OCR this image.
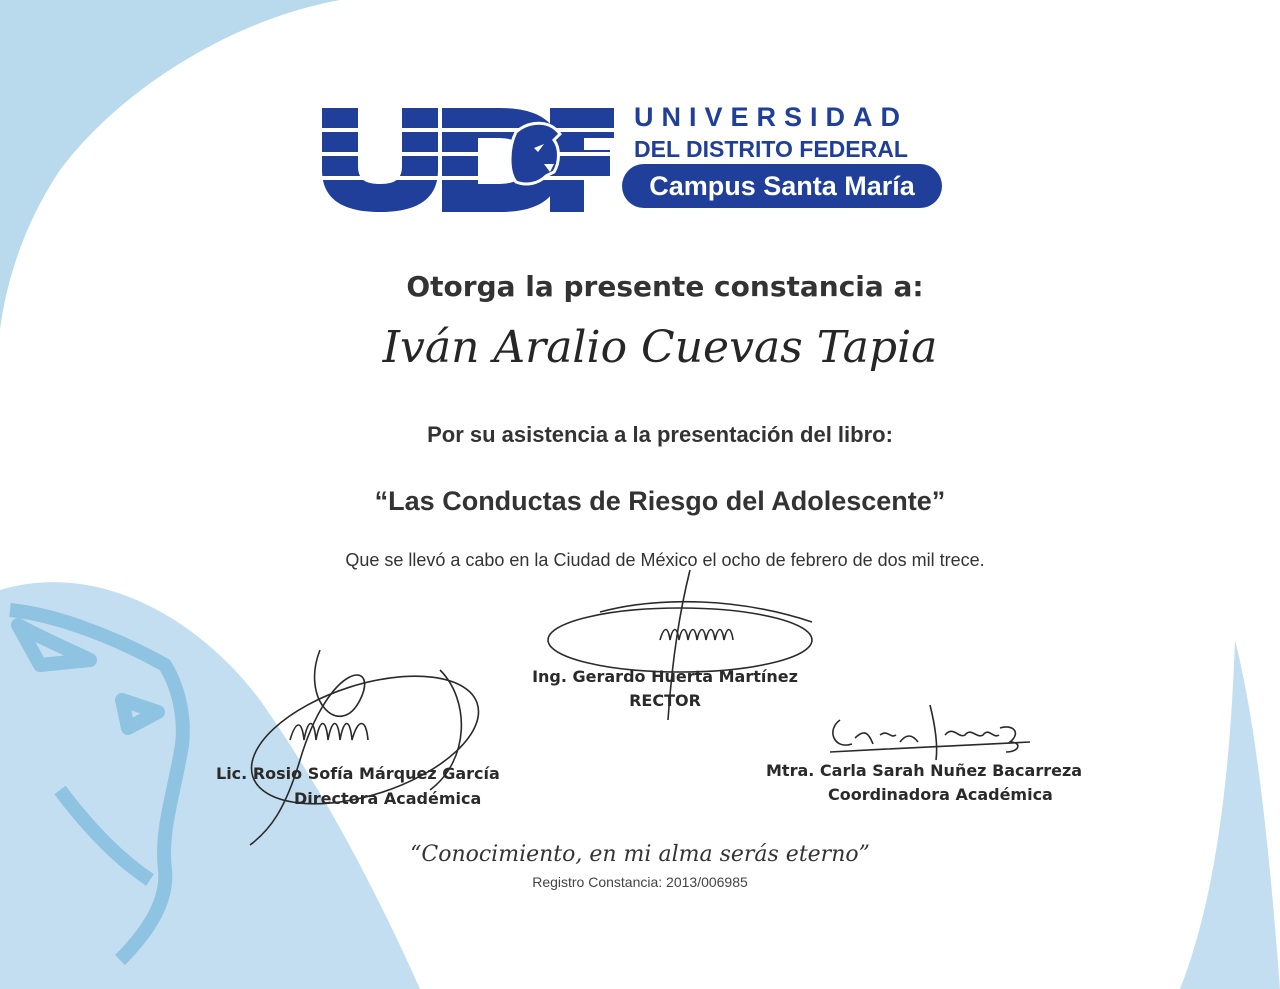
UNIVERSIDAD
DEL DISTRITO FEDERAL
Campus Santa María
Otorga la presente constancia a:
Iván Aralio Cuevas Tapia
Por su asistencia a la presentación del libro:
“Las Conductas de Riesgo del Adolescente”
Que se llevó a cabo en la Ciudad de México el ocho de febrero de dos mil trece.
Ing. Gerardo Huerta Martínez
RECTOR
Lic. Rosio Sofía Márquez García
Directora Académica
Mtra. Carla Sarah Nuñez Bacarreza
Coordinadora Académica
“Conocimiento, en mi alma serás eterno”
Registro Constancia: 2013/006985
